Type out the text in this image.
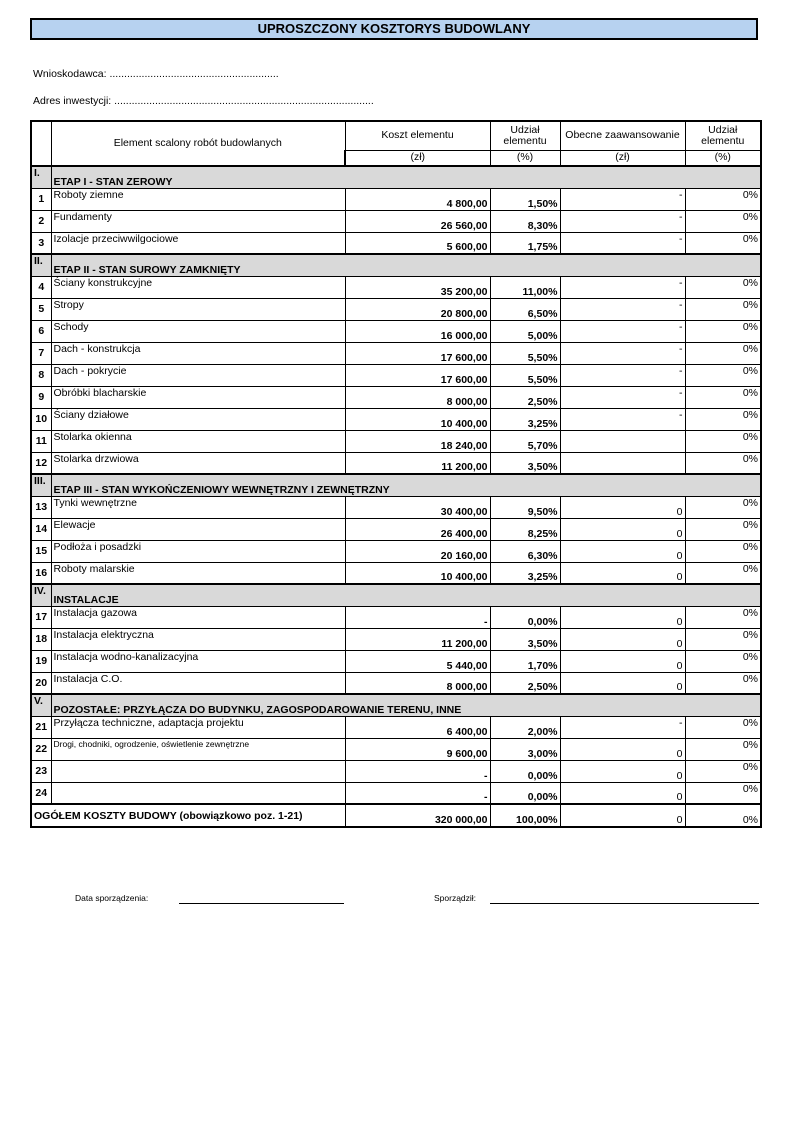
UPROSZCZONY KOSZTORYS BUDOWLANY
Wnioskodawca: ..........................................................
Adres inwestycji: .........................................................................................
	Element scalony robót budowlanych	Koszt elementu	Udział elementu	Obecne zaawansowanie	Udział elementu
		(zł)	(%)	(zł)	(%)
I.	ETAP I - STAN ZEROWY				
1	Roboty ziemne	4 800,00	1,50%	-	0%
2	Fundamenty	26 560,00	8,30%	-	0%
3	Izolacje przeciwwilgociowe	5 600,00	1,75%	-	0%
II.	ETAP II - STAN SUROWY ZAMKNIĘTY				
4	Ściany konstrukcyjne	35 200,00	11,00%	-	0%
5	Stropy	20 800,00	6,50%	-	0%
6	Schody	16 000,00	5,00%	-	0%
7	Dach - konstrukcja	17 600,00	5,50%	-	0%
8	Dach - pokrycie	17 600,00	5,50%	-	0%
9	Obróbki blacharskie	8 000,00	2,50%	-	0%
10	Ściany działowe	10 400,00	3,25%	-	0%
11	Stolarka okienna	18 240,00	5,70%		0%
12	Stolarka drzwiowa	11 200,00	3,50%		0%
III.	ETAP III - STAN WYKOŃCZENIOWY WEWNĘTRZNY I ZEWNĘTRZNY				
13	Tynki wewnętrzne	30 400,00	9,50%	0	0%
14	Elewacje	26 400,00	8,25%	0	0%
15	Podłoża i posadzki	20 160,00	6,30%	0	0%
16	Roboty malarskie	10 400,00	3,25%	0	0%
IV.	INSTALACJE				
17	Instalacja gazowa	-	0,00%	0	0%
18	Instalacja elektryczna	11 200,00	3,50%	0	0%
19	Instalacja wodno-kanalizacyjna	5 440,00	1,70%	0	0%
20	Instalacja C.O.	8 000,00	2,50%	0	0%
V.	POZOSTAŁE: PRZYŁĄCZA DO BUDYNKU, ZAGOSPODAROWANIE TERENU, INNE				
21	Przyłącza techniczne, adaptacja projektu	6 400,00	2,00%	-	0%
22	Drogi, chodniki, ogrodzenie, oświetlenie zewnętrzne	9 600,00	3,00%	0	0%
23		-	0,00%	0	0%
24		-	0,00%	0	0%
OGÓŁEM KOSZTY BUDOWY (obowiązkowo poz. 1-21)		320 000,00	100,00%	0	0%
Data sporządzenia:	Sporządził:
